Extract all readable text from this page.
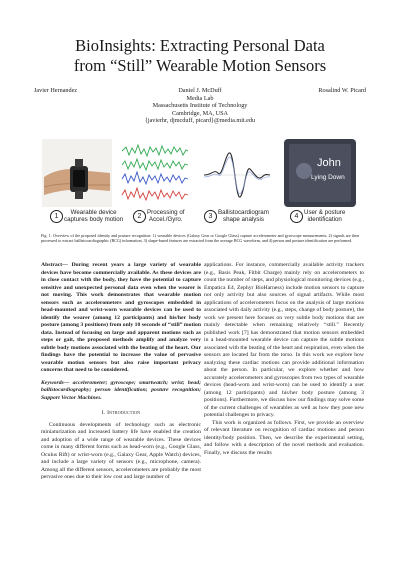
BioInsights: Extracting Personal Data
from “Still” Wearable Motion Sensors
Javier Hernandez	Daniel J. McDuff
Media Lab
Massachusetts Institute of Technology
Cambridge, MA, USA
{javierhr, djmcduff, picard}@media.mit.edu
Rosalind W. Picard
John
Lying Down
1
Wearable device
captures body motion	2
Processing of
Accel./Gyro.	3
Ballistocardiogram
shape analysis	4
User & posture
identification
Fig. 1. Overview of the proposed identity and posture recognition: 1) wearable devices (Galaxy Gear or Google Glass) capture accelerometer and gyroscope measurements, 2) signals are then processed to extract ballistocardiographic (BCG) information, 3) shape-based features are extracted from the average BCG waveform, and 4) person and posture identification are performed.
Abstract— During recent years a large variety of wearable devices have become commercially available. As these devices are in close contact with the body, they have the potential to capture sensitive and unexpected personal data even when the wearer is not moving. This work demonstrates that wearable motion sensors such as accelerometers and gyroscopes embedded in head-mounted and wrist-worn wearable devices can be used to identify the wearer (among 12 participants) and his/her body posture (among 3 positions) from only 10 seconds of “still” motion data. Instead of focusing on large and apparent motions such as steps or gait, the proposed methods amplify and analyze very subtle body motions associated with the beating of the heart. Our findings have the potential to increase the value of pervasive wearable motion sensors but also raise important privacy concerns that need to be considered.
Keywords— accelerometer; gyroscope; smartwatch; wrist; head; ballistocardiography; person identification; posture recognition; Support Vector Machines.
I. Introduction

Continuous developments of technology such as electronic miniaturization and increased battery life have enabled the creation and adoption of a wide range of wearable devices. These devices come in many different forms such as head-worn (e.g., Google Glass, Oculus Rift) or wrist-worn (e.g., Galaxy Gear, Apple Watch) devices, and include a large variety of sensors (e.g., microphone, camera). Among all the different sensors, accelerometers are probably the most pervasive ones due to their low cost and large number of

applications. For instance, commercially available activity trackers (e.g., Basis Peak, Fitbit Charge) mainly rely on accelerometers to count the number of steps, and physiological monitoring devices (e.g., Empatica E4, Zephyr BioHarness) include motion sensors to capture not only activity but also sources of signal artifacts. While most applications of accelerometers focus on the analysis of large motions associated with daily activity (e.g., steps, change of body posture), the work we present here focuses on very subtle body motions that are mainly detectable when remaining relatively “still.” Recently published work [7] has demonstrated that motion sensors embedded in a head-mounted wearable device can capture the subtle motions associated with the beating of the heart and respiration, even when the sensors are located far from the torso. In this work we explore how analyzing these cardiac motions can provide additional information about the person. In particular, we explore whether and how accurately accelerometers and gyroscopes from two types of wearable devices (head-worn and wrist-worn) can be used to identify a user (among 12 participants) and his/her body posture (among 3 positions). Furthermore, we discuss how our findings may solve some of the current challenges of wearables as well as how they pose new potential challenges to privacy.

This work is organized as follows. First, we provide an overview of relevant literature on recognition of cardiac motions and person identity/body position. Then, we describe the experimental setting, and follow with a description of the novel methods and evaluation. Finally, we discuss the results
